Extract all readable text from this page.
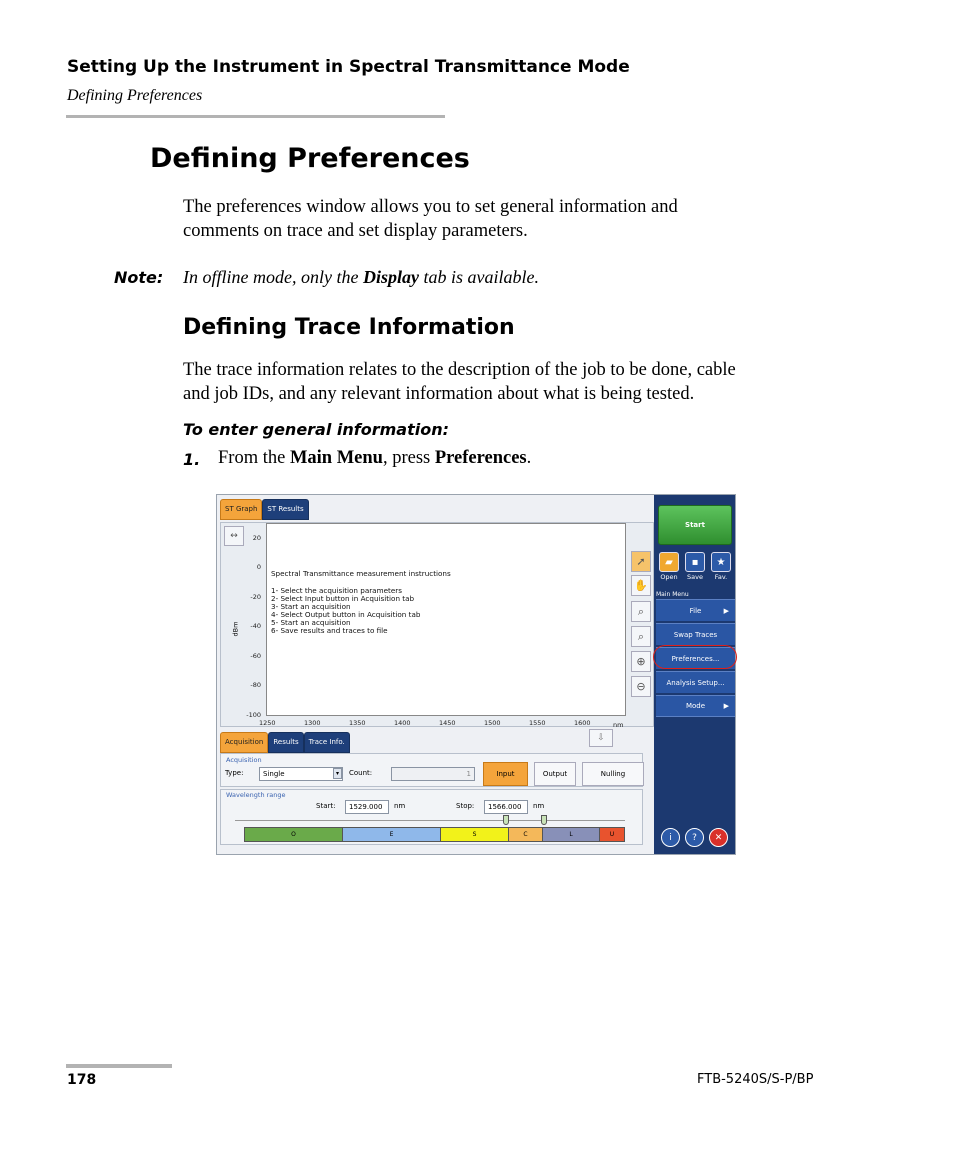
Setting Up the Instrument in Spectral Transmittance Mode
Defining Preferences
Defining Preferences
The preferences window allows you to set general information and
comments on trace and set display parameters.
Note: In offline mode, only the Display tab is available.
Defining Trace Information
The trace information relates to the description of the job to be done, cable
and job IDs, and any relevant information about what is being tested.
To enter general information:
1. From the Main Menu, press Preferences.
ST Graph	ST Results
↔
dBm
20
0
-20
-40
-60
-80
-100
Spectral Transmittance measurement instructions
1- Select the acquisition parameters
2- Select Input button in Acquisition tab
3- Start an acquisition
4- Select Output button in Acquisition tab
5- Start an acquisition
6- Save results and traces to file
1250	1300	1350	1400	1450	1500	1550	1600	nm
➚
✋
⌕
⌕
⊕
⊖
Acquisition	Results	Trace Info.	⇩
Acquisition
Type:	Single	▾	Count:	1	Input	Output	Nulling
Wavelength range
Start:	1529.000	nm	Stop:	1566.000	nm
O	E	S	C	L	U
Start
▰	▪	★
Open	Save	Fav.
Main Menu
File	▶
Swap Traces
Preferences...
Analysis Setup...
Mode	▶
i	?	✕
178	FTB-5240S/S-P/BP
